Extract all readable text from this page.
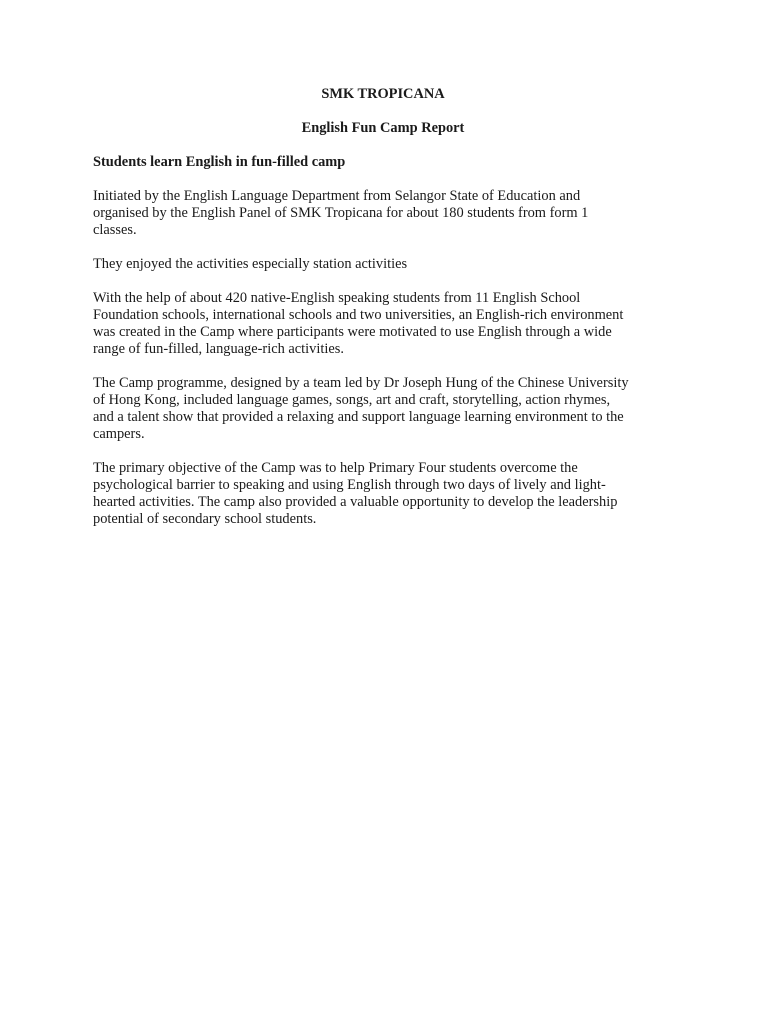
SMK TROPICANA

English Fun Camp Report

Students learn English in fun-filled camp

Initiated by the English Language Department from Selangor State of Education and
organised by the English Panel of SMK Tropicana for about 180 students from form 1
classes.

They enjoyed the activities especially station activities

With the help of about 420 native-English speaking students from 11 English School
Foundation schools, international schools and two universities, an English-rich environment
was created in the Camp where participants were motivated to use English through a wide
range of fun-filled, language-rich activities.

The Camp programme, designed by a team led by Dr Joseph Hung of the Chinese University
of Hong Kong, included language games, songs, art and craft, storytelling, action rhymes,
and a talent show that provided a relaxing and support language learning environment to the
campers.

The primary objective of the Camp was to help Primary Four students overcome the
psychological barrier to speaking and using English through two days of lively and light-
hearted activities. The camp also provided a valuable opportunity to develop the leadership
potential of secondary school students.
